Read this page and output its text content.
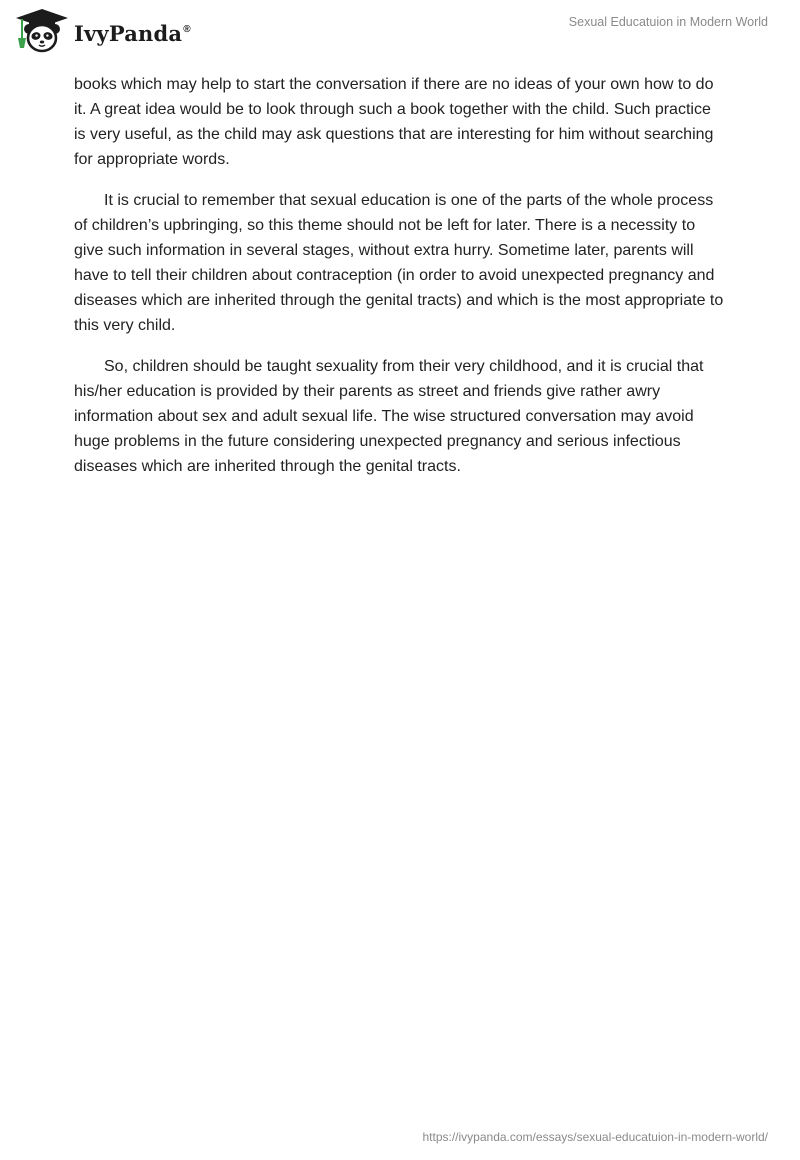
IvyPanda®	Sexual Educatuion in Modern World

books which may help to start the conversation if there are no ideas of your own how to do it. A great idea would be to look through such a book together with the child. Such practice is very useful, as the child may ask questions that are interesting for him without searching for appropriate words.

It is crucial to remember that sexual education is one of the parts of the whole process of children’s upbringing, so this theme should not be left for later. There is a necessity to give such information in several stages, without extra hurry. Sometime later, parents will have to tell their children about contraception (in order to avoid unexpected pregnancy and diseases which are inherited through the genital tracts) and which is the most appropriate to this very child.

So, children should be taught sexuality from their very childhood, and it is crucial that his/her education is provided by their parents as street and friends give rather awry information about sex and adult sexual life. The wise structured conversation may avoid huge problems in the future considering unexpected pregnancy and serious infectious diseases which are inherited through the genital tracts.

https://ivypanda.com/essays/sexual-educatuion-in-modern-world/
